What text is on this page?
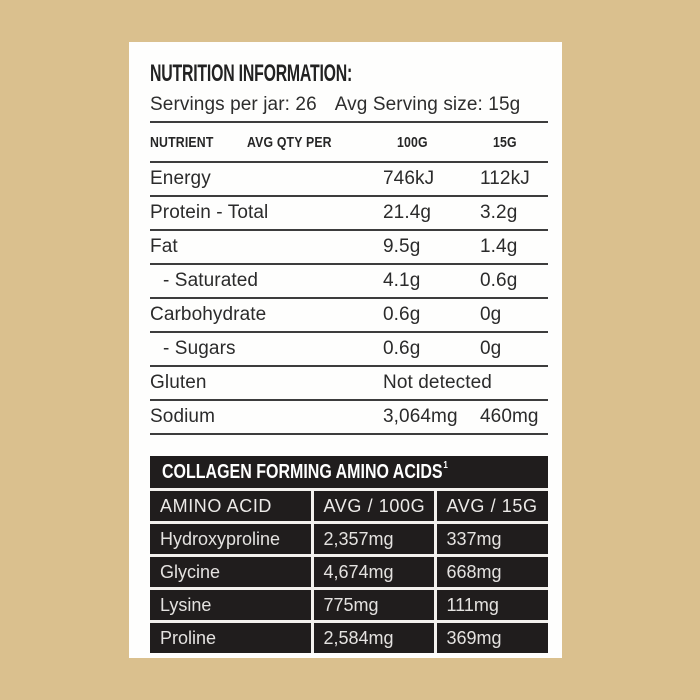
NUTRITION INFORMATION:
Servings per jar: 26 Avg Serving size: 15g
NUTRIENT	AVG QTY PER	100G	15G
Energy		746kJ	112kJ
Protein - Total		21.4g	3.2g
Fat		9.5g	1.4g
- Saturated		4.1g	0.6g
Carbohydrate		0.6g	0g
- Sugars		0.6g	0g
Gluten		Not detected	
Sodium		3,064mg	460mg
COLLAGEN FORMING AMINO ACIDS$^1$
AMINO ACID	AVG / 100G	AVG / 15G
Hydroxyproline	2,357mg	337mg
Glycine	4,674mg	668mg
Lysine	775mg	111mg
Proline	2,584mg	369mg
